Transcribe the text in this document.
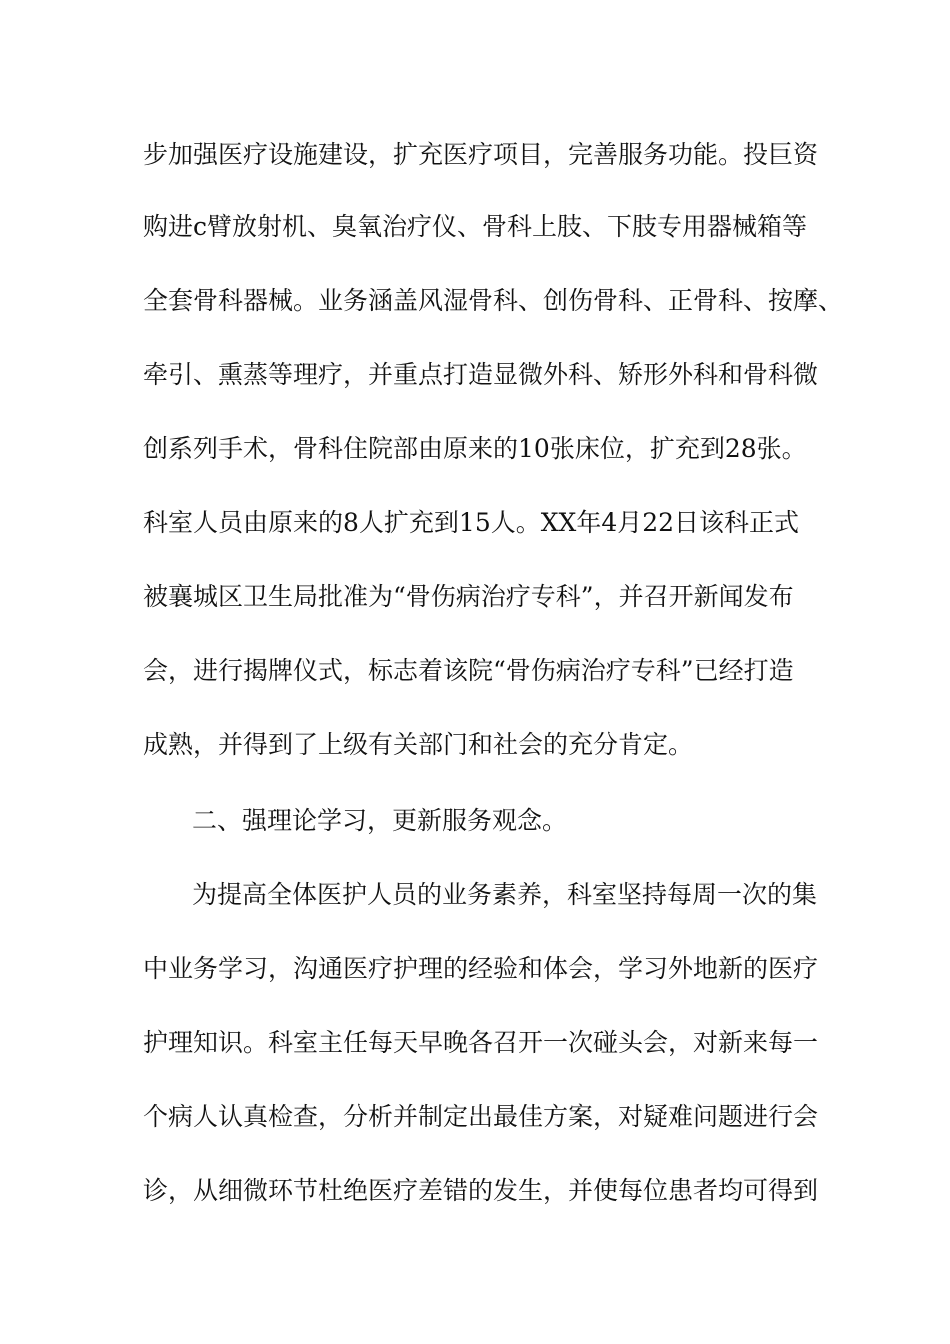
步加强医疗设施建设，扩充医疗项目，完善服务功能。投巨资
购进c臂放射机、臭氧治疗仪、骨科上肢、下肢专用器械箱等
全套骨科器械。业务涵盖风湿骨科、创伤骨科、正骨科、按摩、
牵引、熏蒸等理疗，并重点打造显微外科、矫形外科和骨科微
创系列手术，骨科住院部由原来的10张床位，扩充到28张。
科室人员由原来的8人扩充到15人。XX年4月22日该科正式
被襄城区卫生局批准为“骨伤病治疗专科”，并召开新闻发布
会，进行揭牌仪式，标志着该院“骨伤病治疗专科”已经打造
成熟，并得到了上级有关部门和社会的充分肯定。
二、强理论学习，更新服务观念。
为提高全体医护人员的业务素养，科室坚持每周一次的集
中业务学习，沟通医疗护理的经验和体会，学习外地新的医疗
护理知识。科室主任每天早晚各召开一次碰头会，对新来每一
个病人认真检查，分析并制定出最佳方案，对疑难问题进行会
诊，从细微环节杜绝医疗差错的发生，并使每位患者均可得到
